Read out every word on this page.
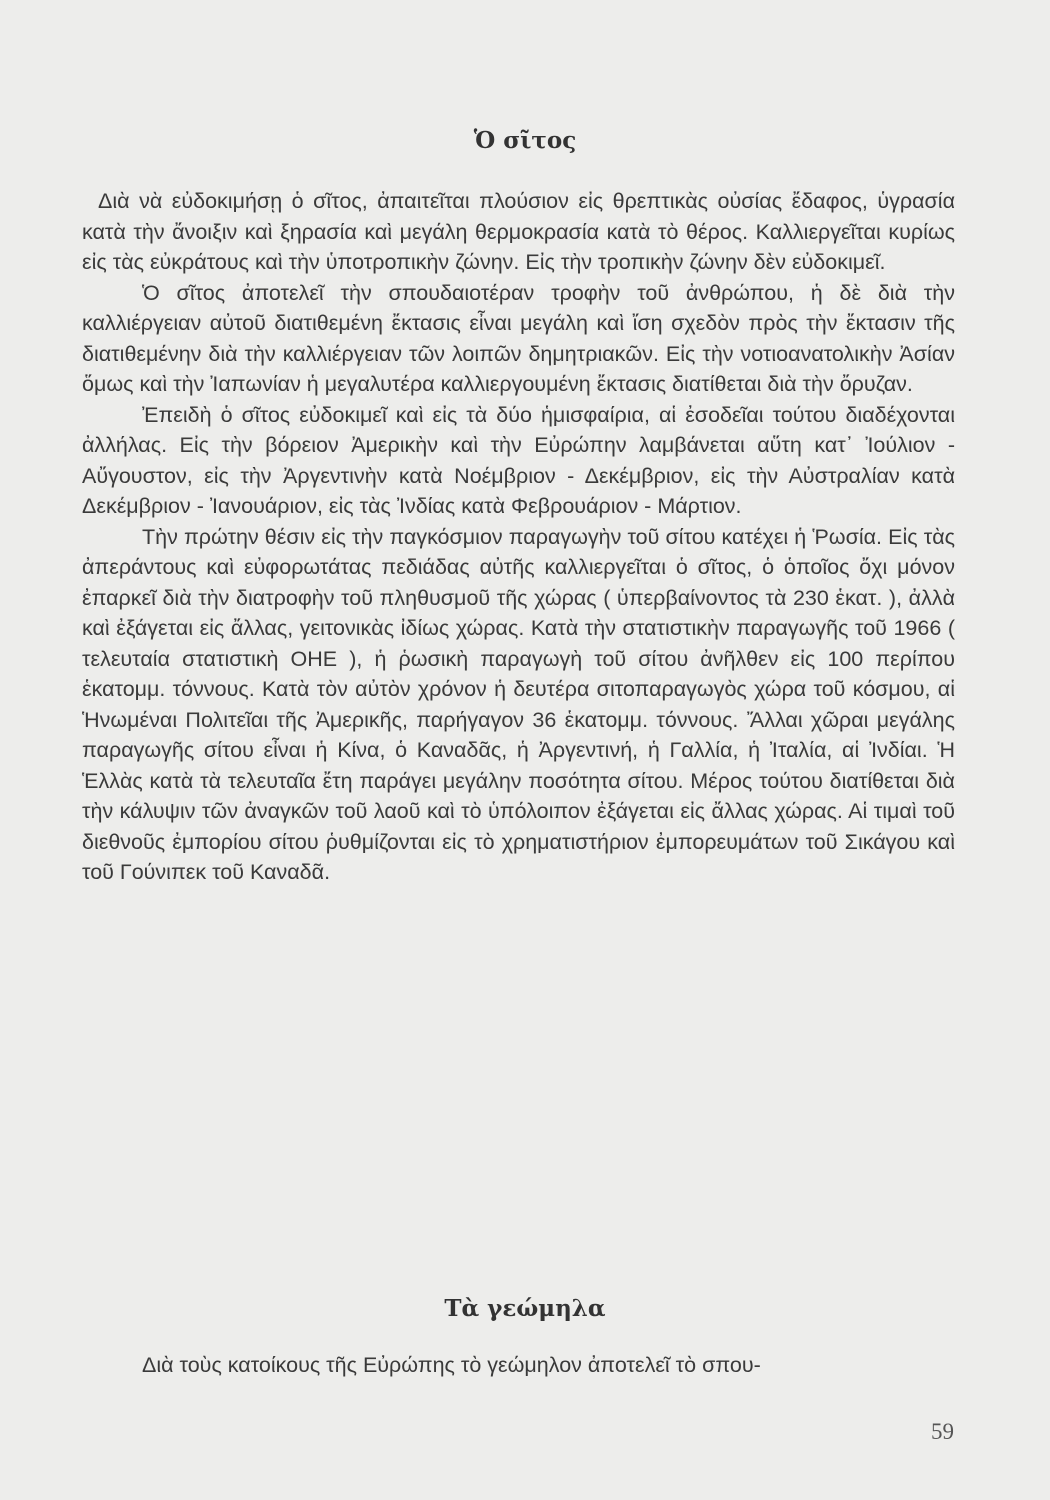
Ὁ σῖτος

Διὰ νὰ εὐδοκιμήσῃ ὁ σῖτος, ἀπαιτεῖται πλούσιον εἰς θρεπτικὰς οὐσίας ἔδαφος, ὑγρασία κατὰ τὴν ἄνοιξιν καὶ ξηρασία καὶ μεγάλη θερμοκρασία κατὰ τὸ θέρος. Καλλιεργεῖται κυρίως εἰς τὰς εὐκράτους καὶ τὴν ὑποτροπικὴν ζώνην. Εἰς τὴν τροπικὴν ζώνην δὲν εὐδοκιμεῖ.

Ὁ σῖτος ἀποτελεῖ τὴν σπουδαιοτέραν τροφὴν τοῦ ἀνθρώπου, ἡ δὲ διὰ τὴν καλλιέργειαν αὐτοῦ διατιθεμένη ἔκτασις εἶναι μεγάλη καὶ ἴση σχεδὸν πρὸς τὴν ἔκτασιν τῆς διατιθεμένην διὰ τὴν καλλιέργειαν τῶν λοιπῶν δημητριακῶν. Εἰς τὴν νοτιοανατολικὴν Ἀσίαν ὅμως καὶ τὴν Ἰαπωνίαν ἡ μεγαλυτέρα καλλιεργουμένη ἔκτασις διατίθεται διὰ τὴν ὄρυζαν.

Ἐπειδὴ ὁ σῖτος εὐδοκιμεῖ καὶ εἰς τὰ δύο ἡμισφαίρια, αἱ ἐσοδεῖαι τούτου διαδέχονται ἀλλήλας. Εἰς τὴν βόρειον Ἀμερικὴν καὶ τὴν Εὐρώπην λαμβάνεται αὕτη κατ᾽ Ἰούλιον - Αὔγουστον, εἰς τὴν Ἀργεντινὴν κατὰ Νοέμβριον - Δεκέμβριον, εἰς τὴν Αὐστραλίαν κατὰ Δεκέμβριον - Ἰανουάριον, εἰς τὰς Ἰνδίας κατὰ Φεβρουάριον - Μάρτιον.

Τὴν πρώτην θέσιν εἰς τὴν παγκόσμιον παραγωγὴν τοῦ σίτου κατέχει ἡ Ῥωσία. Εἰς τὰς ἀπεράντους καὶ εὐφορωτάτας πεδιάδας αὐτῆς καλλιεργεῖται ὁ σῖτος, ὁ ὁποῖος ὄχι μόνον ἐπαρκεῖ διὰ τὴν διατροφὴν τοῦ πληθυσμοῦ τῆς χώρας ( ὑπερβαίνοντος τὰ 230 ἑκατ. ), ἀλλὰ καὶ ἐξάγεται εἰς ἄλλας, γειτονικὰς ἰδίως χώρας. Κατὰ τὴν στατιστικὴν παραγωγῆς τοῦ 1966 ( τελευταία στατιστικὴ ΟΗΕ ), ἡ ῥωσικὴ παραγωγὴ τοῦ σίτου ἀνῆλθεν εἰς 100 περίπου ἑκατομμ. τόννους. Κατὰ τὸν αὐτὸν χρόνον ἡ δευτέρα σιτοπαραγωγὸς χώρα τοῦ κόσμου, αἱ Ἡνωμέναι Πολιτεῖαι τῆς Ἀμερικῆς, παρήγαγον 36 ἑκατομμ. τόννους. Ἄλλαι χῶραι μεγάλης παραγωγῆς σίτου εἶναι ἡ Κίνα, ὁ Καναδᾶς, ἡ Ἀργεντινή, ἡ Γαλλία, ἡ Ἰταλία, αἱ Ἰνδίαι. Ἡ Ἑλλὰς κατὰ τὰ τελευταῖα ἔτη παράγει μεγάλην ποσότητα σίτου. Μέρος τούτου διατίθεται διὰ τὴν κάλυψιν τῶν ἀναγκῶν τοῦ λαοῦ καὶ τὸ ὑπόλοιπον ἐξάγεται εἰς ἄλλας χώρας. Αἱ τιμαὶ τοῦ διεθνοῦς ἐμπορίου σίτου ῥυθμίζονται εἰς τὸ χρηματιστήριον ἐμπορευμάτων τοῦ Σικάγου καὶ τοῦ Γούνιπεκ τοῦ Καναδᾶ.

Τὰ γεώμηλα

Διὰ τοὺς κατοίκους τῆς Εὐρώπης τὸ γεώμηλον ἀποτελεῖ τὸ σπου-

59
